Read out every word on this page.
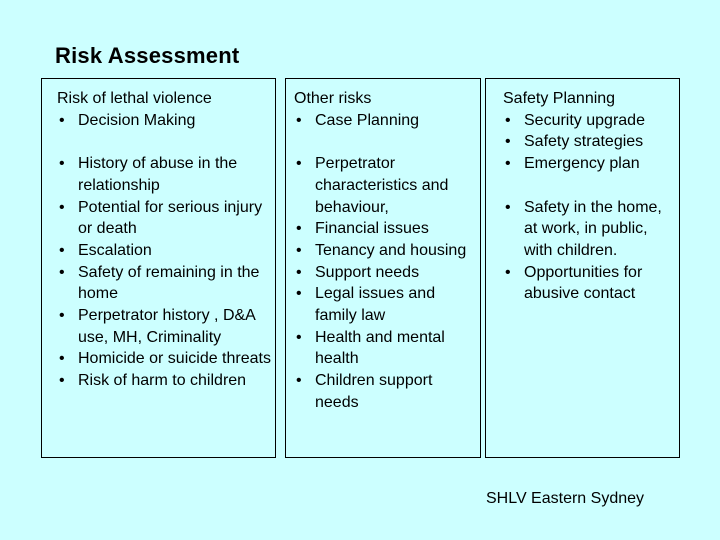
Risk Assessment
Risk of lethal violence
• Decision Making
• History of abuse in the relationship
• Potential for serious injury or death
• Escalation
• Safety of remaining in the home
• Perpetrator history , D&A use, MH, Criminality
• Homicide or suicide threats
• Risk of harm to children
Other risks
• Case Planning
• Perpetrator characteristics and behaviour,
• Financial issues
• Tenancy and housing
• Support needs
• Legal issues and family law
• Health and mental health
• Children support needs
Safety Planning
• Security upgrade
• Safety strategies
• Emergency plan
• Safety in the home, at work, in public, with children.
• Opportunities for abusive contact
SHLV Eastern Sydney
